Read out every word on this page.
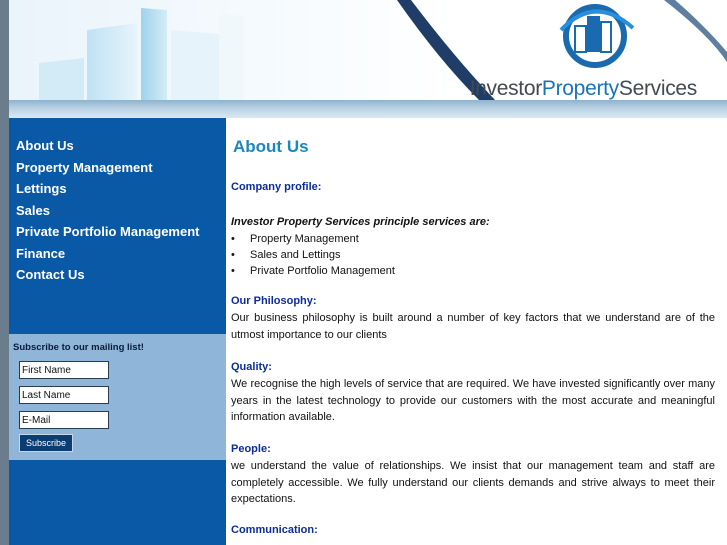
InvestorPropertyServices
About Us
Property Management
Lettings
Sales
Private Portfolio Management
Finance
Contact Us
Subscribe to our mailing list!
First Name
Last Name
E-Mail
Subscribe
About Us
Company profile:
Investor Property Services principle services are:
• Property Management
• Sales and Lettings
• Private Portfolio Management
Our Philosophy:

Our business philosophy is built around a number of key factors that we understand are of the utmost importance to our clients

Quality:

We recognise the high levels of service that are required. We have invested significantly over many years in the latest technology to provide our customers with the most accurate and meaningful information available.

People:

we understand the value of relationships. We insist that our management team and staff are completely accessible. We fully understand our clients demands and strive always to meet their expectations.

Communication:
